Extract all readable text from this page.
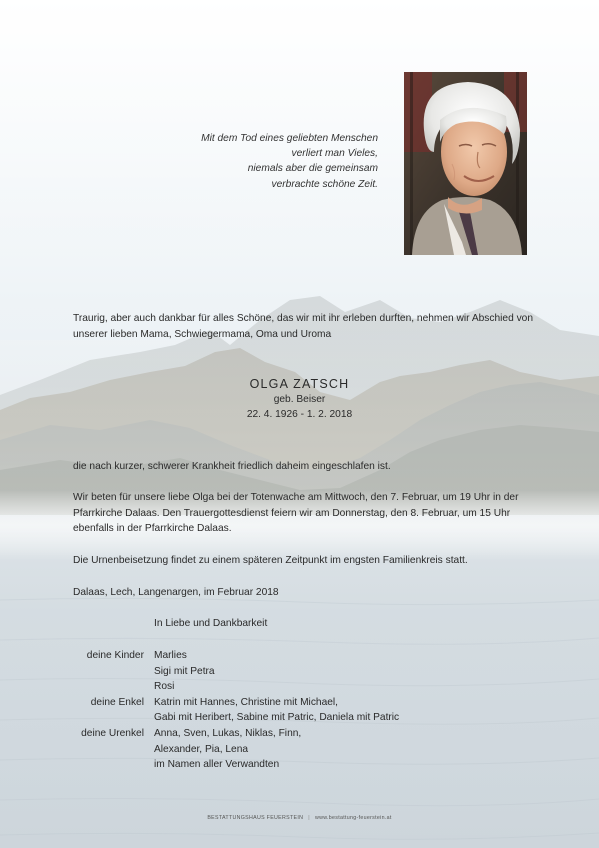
Mit dem Tod eines geliebten Menschen
verliert man Vieles,
niemals aber die gemeinsam
verbrachte schöne Zeit.
Traurig, aber auch dankbar für alles Schöne, das wir mit ihr erleben durften, nehmen wir Abschied von unserer lieben Mama, Schwiegermama, Oma und Uroma
OLGA ZATSCH
geb. Beiser
22. 4. 1926 - 1. 2. 2018
die nach kurzer, schwerer Krankheit friedlich daheim eingeschlafen ist.
Wir beten für unsere liebe Olga bei der Totenwache am Mittwoch, den 7. Februar, um 19 Uhr in der Pfarrkirche Dalaas. Den Trauergottesdienst feiern wir am Donnerstag, den 8. Februar, um 15 Uhr ebenfalls in der Pfarrkirche Dalaas.
Die Urnenbeisetzung findet zu einem späteren Zeitpunkt im engsten Familienkreis statt.
Dalaas, Lech, Langenargen, im Februar 2018
In Liebe und Dankbarkeit
deine Kinder Marlies
Sigi mit Petra
Rosi
deine Enkel Katrin mit Hannes, Christine mit Michael,
Gabi mit Heribert, Sabine mit Patric, Daniela mit Patric
deine Urenkel Anna, Sven, Lukas, Niklas, Finn,
Alexander, Pia, Lena
im Namen aller Verwandten
BESTATTUNGSHAUS FEUERSTEIN | www.bestattung-feuerstein.at
